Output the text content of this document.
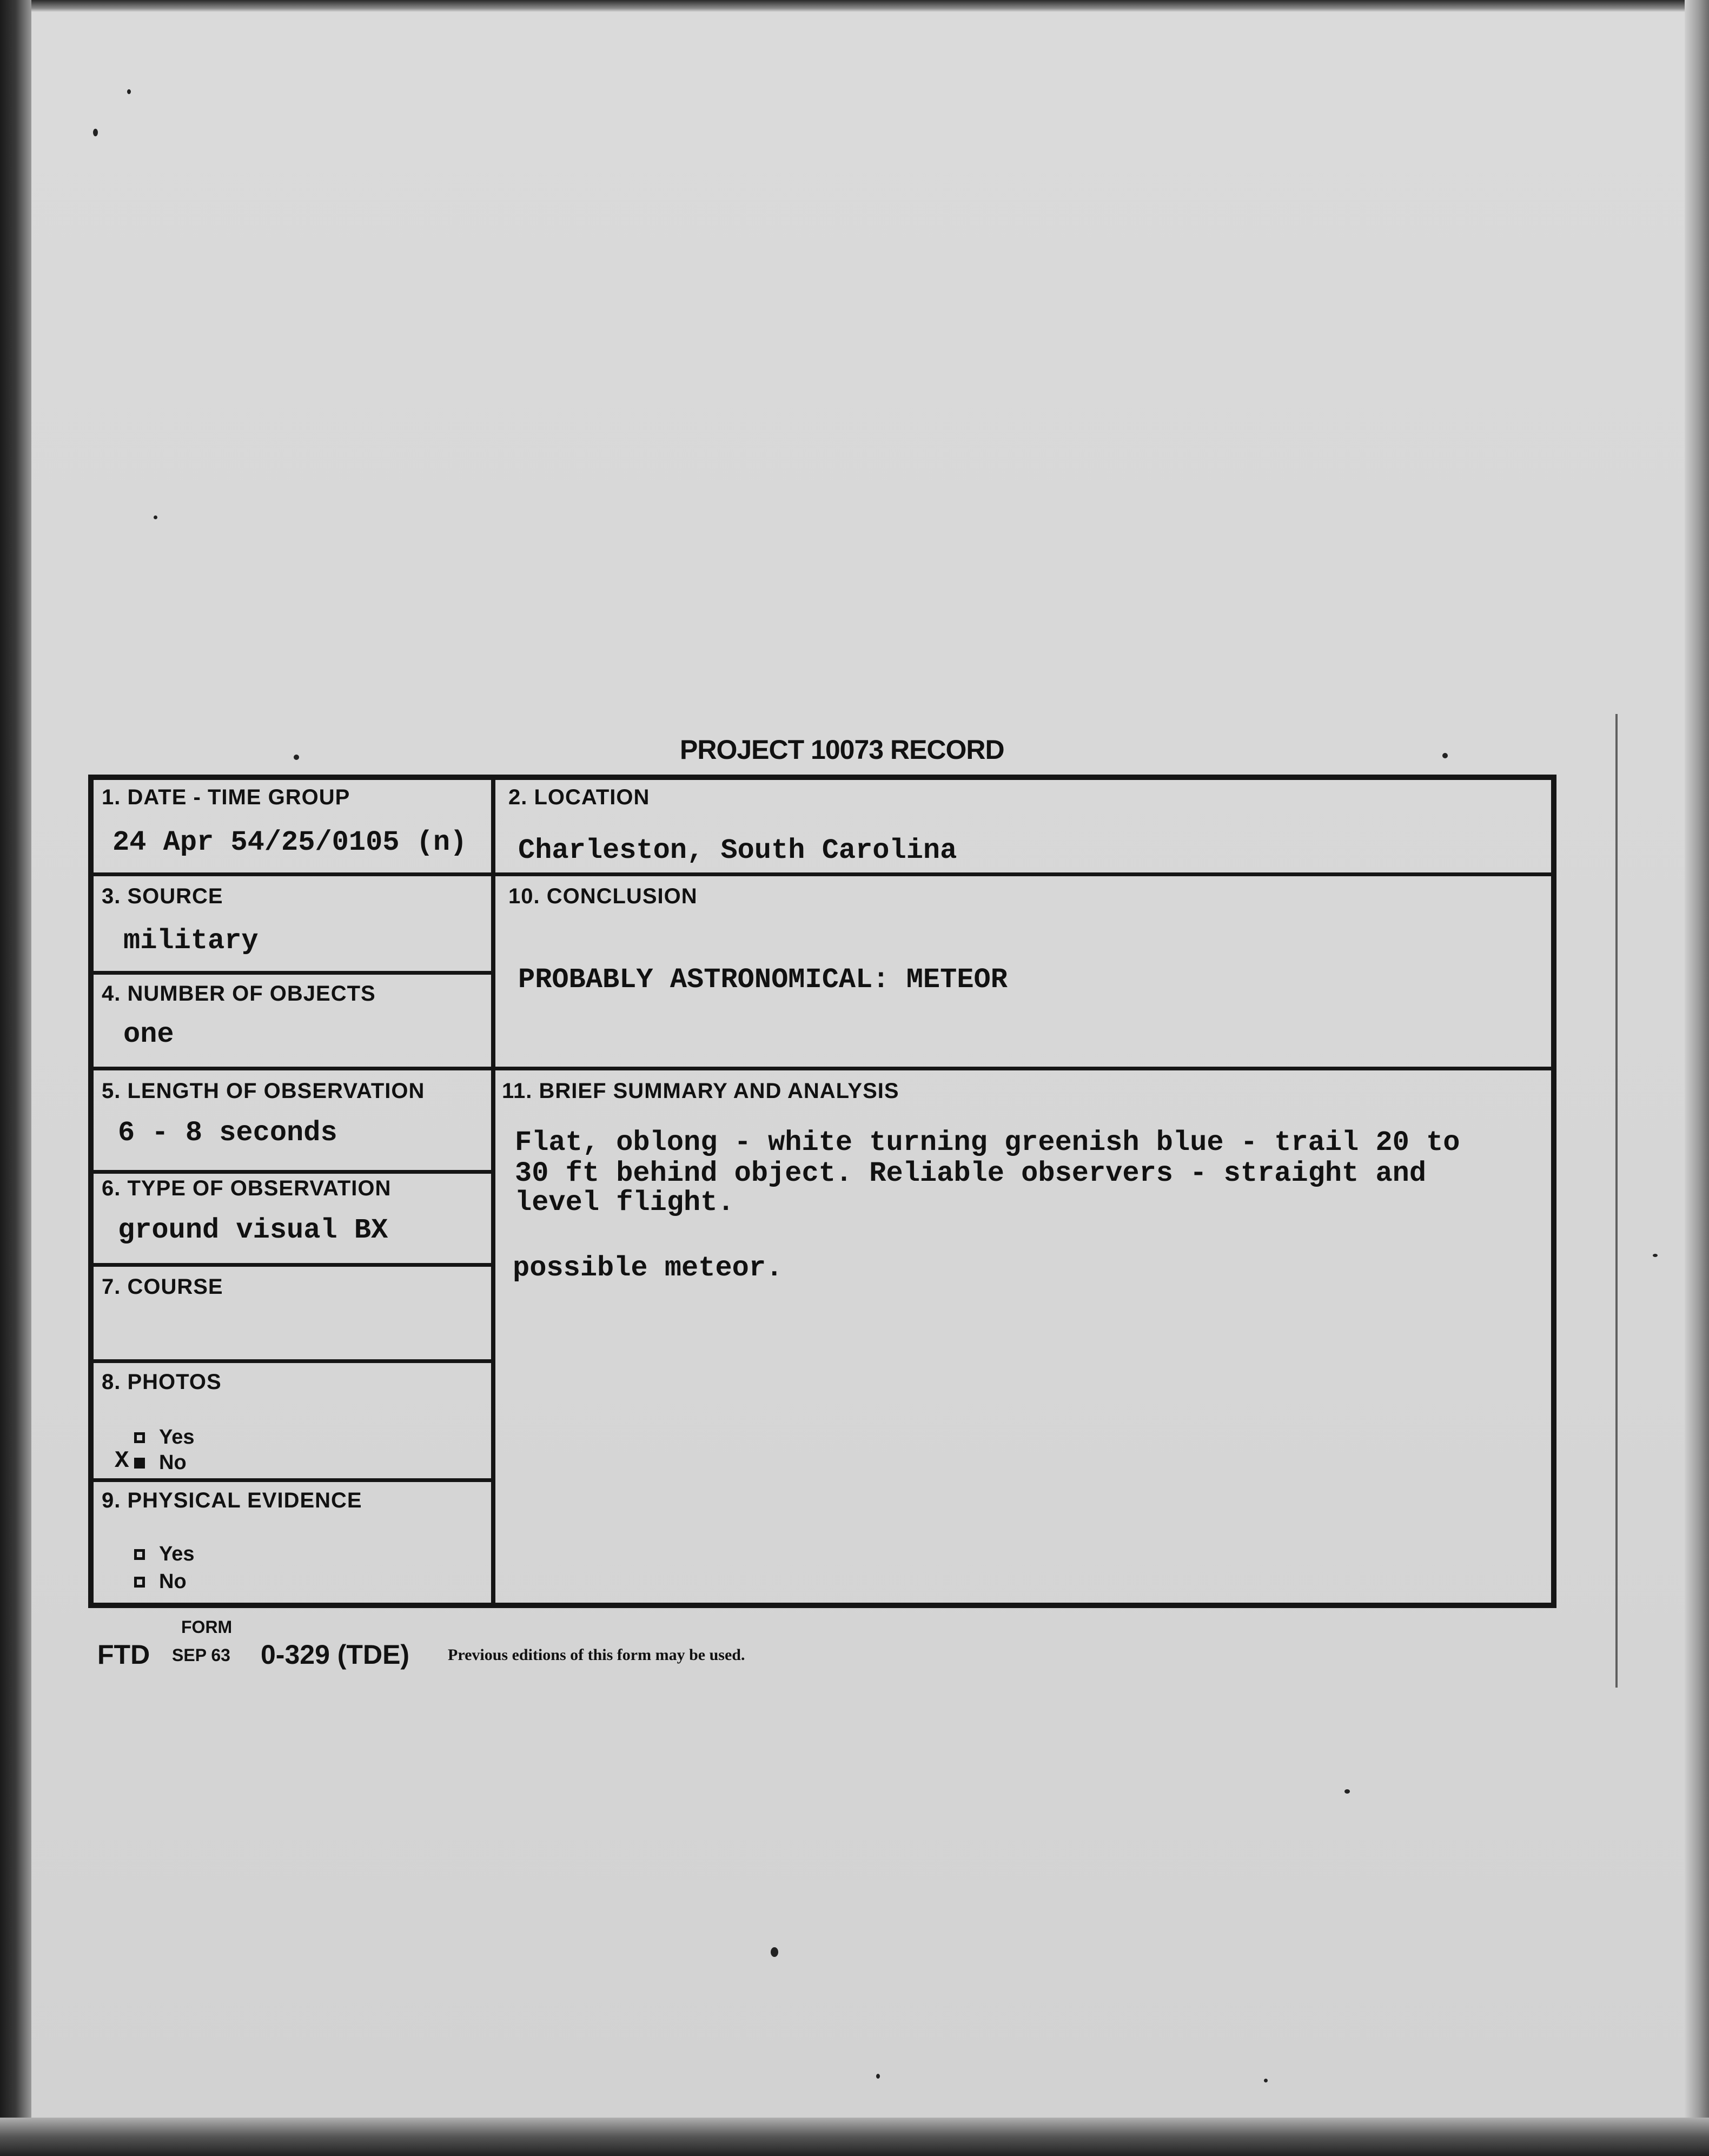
PROJECT 10073 RECORD
1. DATE - TIME GROUP
24 Apr 54/25/0105 (n)
2. LOCATION
Charleston, South Carolina
3. SOURCE
military
4. NUMBER OF OBJECTS
one
10. CONCLUSION
PROBABLY ASTRONOMICAL: METEOR
5. LENGTH OF OBSERVATION
6 - 8 seconds
6. TYPE OF OBSERVATION
ground visual BX
7. COURSE
8. PHOTOS
Yes
No
X
9. PHYSICAL EVIDENCE
Yes
No
11. BRIEF SUMMARY AND ANALYSIS
Flat, oblong - white turning greenish blue - trail 20 to
30 ft behind object. Reliable observers - straight and
level flight.
possible meteor.
FORM
FTD SEP 63 0-329 (TDE) Previous editions of this form may be used.
